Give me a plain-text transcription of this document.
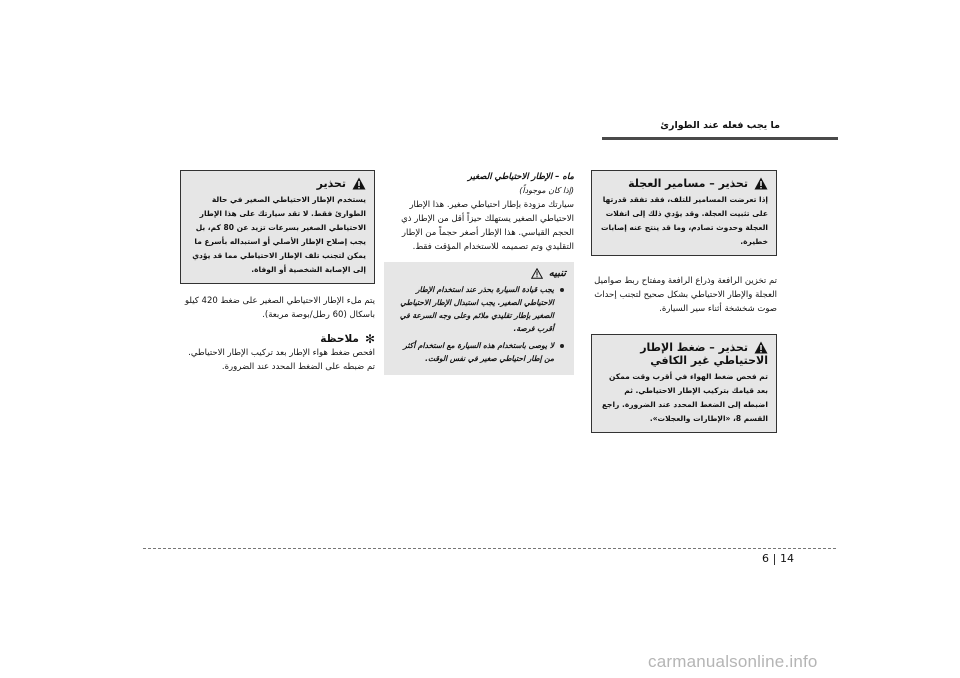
ما يجب فعله عند الطوارئ
تحذير – مسامير العجلة
إذا تعرضت المسامير للتلف، فقد تفقد قدرتها على تثبيت العجلة. وقد يؤدي ذلك إلى انفلات العجلة وحدوث تصادم، وما قد ينتج عنه إصابات خطيرة.

تم تخزين الرافعة وذراع الرافعة ومفتاح ربط صواميل العجلة والإطار الاحتياطي بشكل صحيح لتجنب إحداث صوت شخشخة أثناء سير السيارة.

تحذير – ضغط الإطار
الاحتياطي غير الكافي
تم فحص ضغط الهواء في أقرب وقت ممكن بعد قيامك بتركيب الإطار الاحتياطي. ثم اضبطه إلى الضغط المحدد عند الضرورة. راجع القسم 8، «الإطارات والعجلات».
ماه – الإطار الاحتياطي الصغير
(إذا كان موجوداً)

سيارتك مزودة بإطار احتياطي صغير. هذا الإطار الاحتياطي الصغير يستهلك حيزاً أقل من الإطار ذي الحجم القياسي. هذا الإطار أصغر حجماً من الإطار التقليدي وتم تصميمه للاستخدام المؤقت فقط.

تنبيه
يجب قيادة السيارة بحذر عند استخدام الإطار الاحتياطي الصغير. يجب استبدال الإطار الاحتياطي الصغير بإطار تقليدي ملائم وعلى وجه السرعة في أقرب فرصة.
لا يوصى باستخدام هذه السيارة مع استخدام أكثر من إطار احتياطي صغير في نفس الوقت.
تحذير
يستخدم الإطار الاحتياطي الصغير في حالة الطوارئ فقط. لا تقد سيارتك على هذا الإطار الاحتياطي الصغير بسرعات تزيد عن 80 كم، بل يجب إصلاح الإطار الأصلي أو استبداله بأسرع ما يمكن لتجنب تلف الإطار الاحتياطي مما قد يؤدي إلى الإصابة الشخصية أو الوفاة.

يتم ملء الإطار الاحتياطي الصغير على ضغط 420 كيلو باسكال (60 رطل/بوصة مربعة).

✻
ملاحظة

افحص ضغط هواء الإطار بعد تركيب الإطار الاحتياطي. تم ضبطه على الضغط المحدد عند الضرورة.

6 14
carmanualsonline.info
